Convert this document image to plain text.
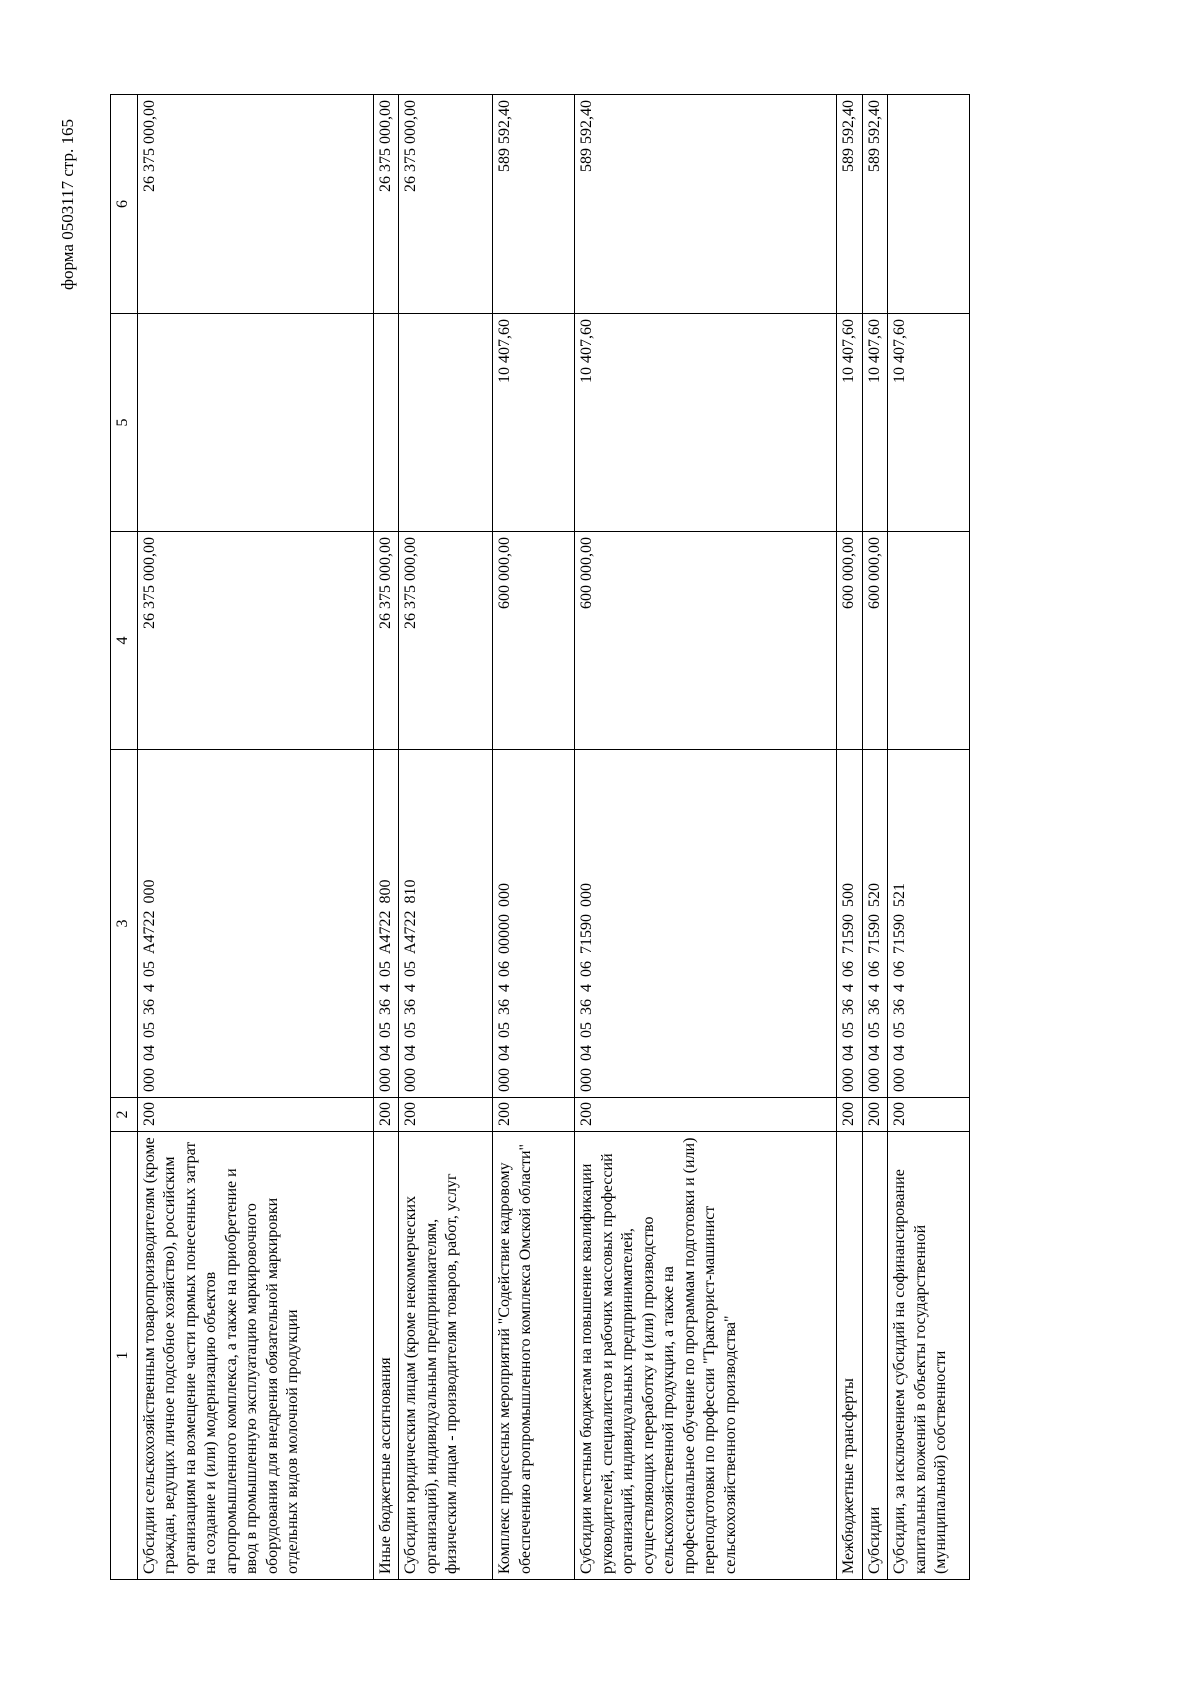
форма 0503117 стр. 165
1	2	3	4	5	6
Субсидии сельскохозяйственным товаропроизводителям (кроме граждан, ведущих личное подсобное хозяйство), российским организациям на возмещение части прямых понесенных затрат на создание и (или) модернизацию объектов агропромышленного комплекса, а также на приобретение и ввод в промышленную эксплуатацию маркировочного оборудования для внедрения обязательной маркировки отдельных видов молочной продукции	200	000040536405А4722000	26 375 000,00		26 375 000,00
Иные бюджетные ассигнования	200	000040536405А4722800	26 375 000,00		26 375 000,00
Субсидии юридическим лицам (кроме некоммерческих организаций), индивидуальным предпринимателям, физическим лицам - производителям товаров, работ, услуг	200	000040536405А4722810	26 375 000,00		26 375 000,00
Комплекс процессных мероприятий "Содействие кадровому обеспечению агропромышленного комплекса Омской области"	200	00004053640600000000	600 000,00	10 407,60	589 592,40
Субсидии местным бюджетам на повышение квалификации руководителей, специалистов и рабочих массовых профессий организаций, индивидуальных предпринимателей, осуществляющих переработку и (или) производство сельскохозяйственной продукции, а также на профессиональное обучение по программам подготовки и (или) переподготовки по профессии "Тракторист-машинист сельскохозяйственного производства"	200	00004053640671590000	600 000,00	10 407,60	589 592,40
Межбюджетные трансферты	200	00004053640671590500	600 000,00	10 407,60	589 592,40
Субсидии	200	00004053640671590520	600 000,00	10 407,60	589 592,40
Субсидии, за исключением субсидий на софинансирование капитальных вложений в объекты государственной (муниципальной) собственности	200	00004053640671590521		10 407,60	
